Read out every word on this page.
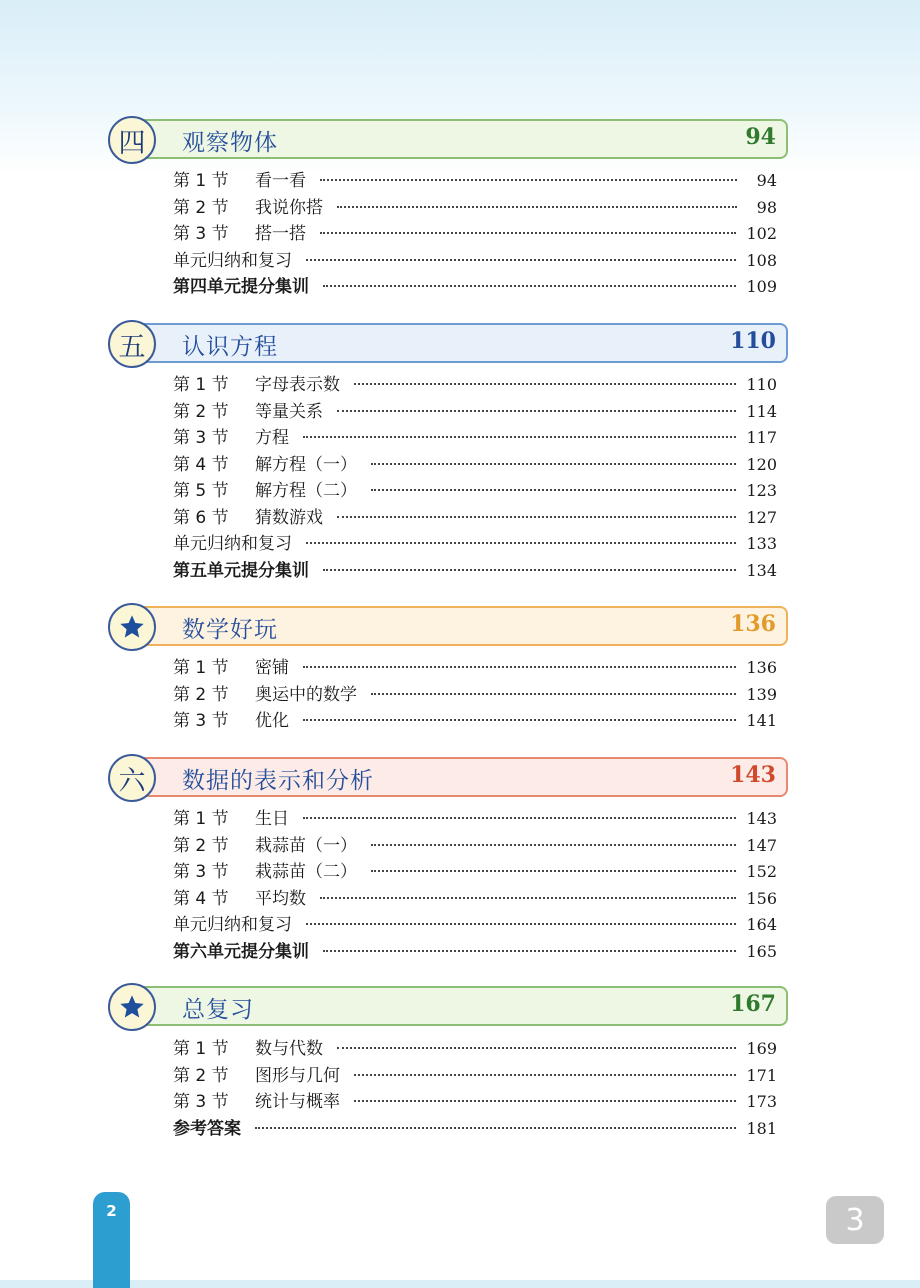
四 观察物体	94
第 1 节 看一看	94
第 2 节 我说你搭	98
第 3 节 搭一搭	102
单元归纳和复习	108
第四单元提分集训	109
五 认识方程	110
第 1 节 字母表示数	110
第 2 节 等量关系	114
第 3 节 方程	117
第 4 节 解方程（一）	120
第 5 节 解方程（二）	123
第 6 节 猜数游戏	127
单元归纳和复习	133
第五单元提分集训	134
数学好玩	136
第 1 节 密铺	136
第 2 节 奥运中的数学	139
第 3 节 优化	141
六 数据的表示和分析	143
第 1 节 生日	143
第 2 节 栽蒜苗（一）	147
第 3 节 栽蒜苗（二）	152
第 4 节 平均数	156
单元归纳和复习	164
第六单元提分集训	165
总复习	167
第 1 节 数与代数	169
第 2 节 图形与几何	171
第 3 节 统计与概率	173
参考答案	181
2	3
